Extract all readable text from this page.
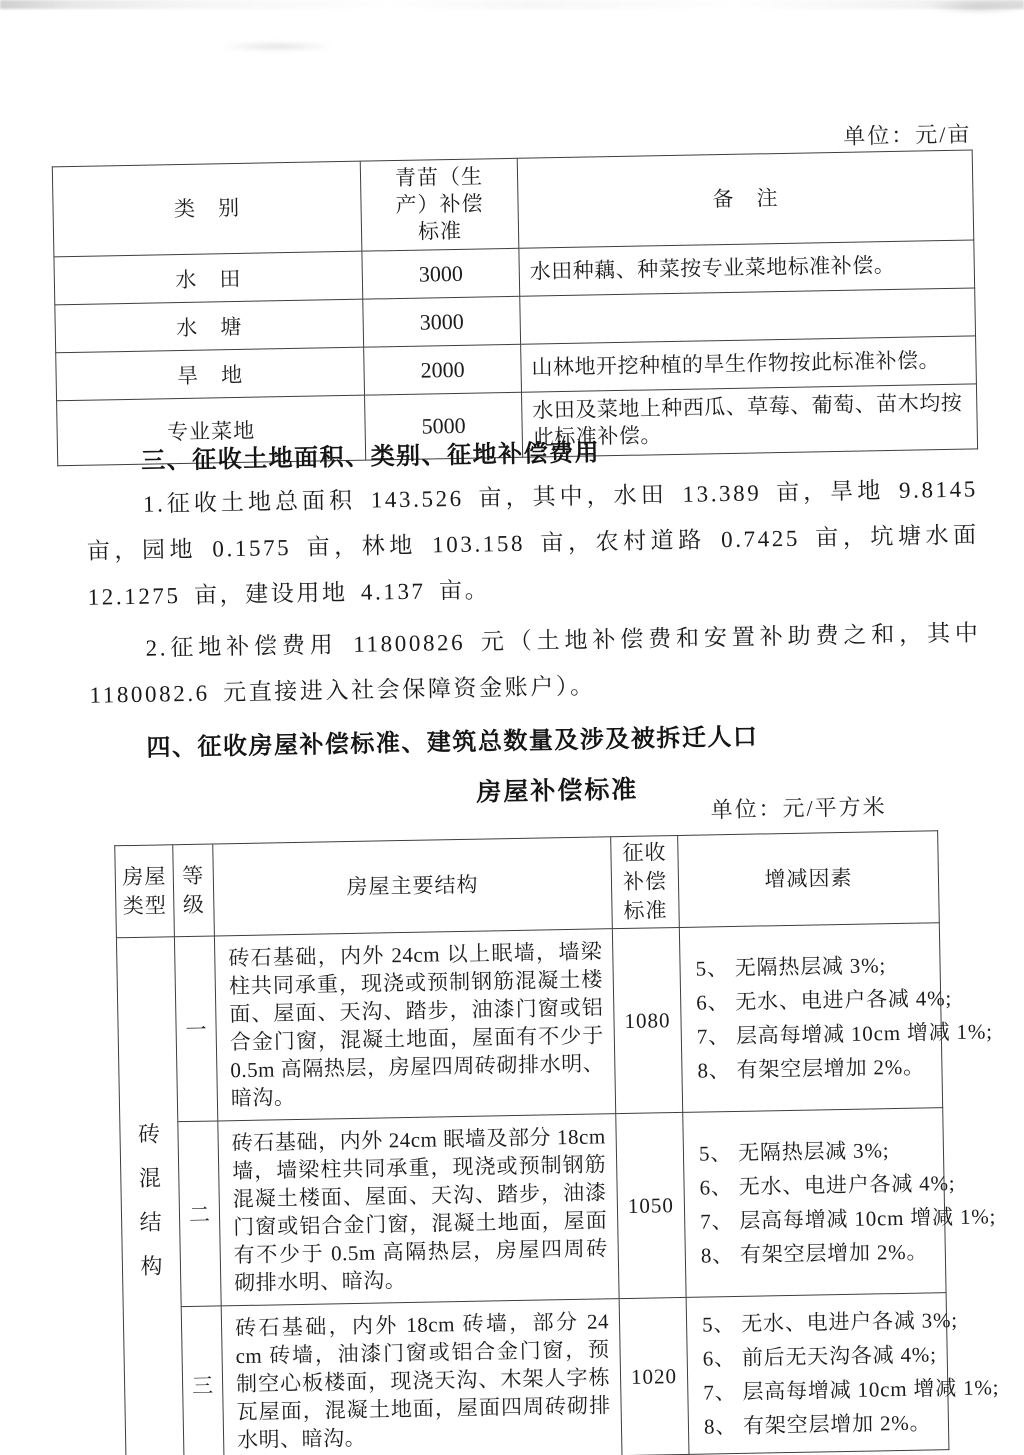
单位：元/亩
类　别	青苗（生产）补偿标准	备　注
水　田	3000	水田种藕、种菜按专业菜地标准补偿。
水　塘	3000	
旱　地	2000	山林地开挖种植的旱生作物按此标准补偿。
专业菜地	5000	水田及菜地上种西瓜、草莓、葡萄、苗木均按此标准补偿。
三、征收土地面积、类别、征地补偿费用

1.征收土地总面积 143.526 亩，其中，水田 13.389 亩，旱地 9.8145 亩，园地 0.1575 亩，林地 103.158 亩，农村道路 0.7425 亩，坑塘水面 12.1275 亩，建设用地 4.137 亩。

2.征地补偿费用 11800826 元（土地补偿费和安置补助费之和，其中 1180082.6 元直接进入社会保障资金账户）。

四、征收房屋补偿标准、建筑总数量及涉及被拆迁人口
房屋补偿标准
单位：元/平方米
房屋类型	等级	房屋主要结构	征收补偿标准	增减因素

砖混结构	一	砖石基础，内外 24cm 以上眠墙，墙梁柱共同承重，现浇或预制钢筋混凝土楼面、屋面、天沟、踏步，油漆门窗或铝合金门窗，混凝土地面，屋面有不少于 0.5m 高隔热层，房屋四周砖砌排水明、暗沟。	1080	5、 无隔热层减 3%;
6、 无水、电进户各减 4%;
7、 层高每增减 10cm 增减 1%;
8、 有架空层增加 2%。

	二	砖石基础，内外 24cm 眠墙及部分 18cm 墙，墙梁柱共同承重，现浇或预制钢筋混凝土楼面、屋面、天沟、踏步，油漆门窗或铝合金门窗，混凝土地面，屋面有不少于 0.5m 高隔热层，房屋四周砖砌排水明、暗沟。	1050	5、 无隔热层减 3%;
6、 无水、电进户各减 4%;
7、 层高每增减 10cm 增减 1%;
8、 有架空层增加 2%。

	三	砖石基础，内外 18cm 砖墙，部分 24 cm 砖墙，油漆门窗或铝合金门窗，预制空心板楼面，现浇天沟、木架人字栋瓦屋面，混凝土地面，屋面四周砖砌排水明、暗沟。	1020	5、 无水、电进户各减 3%;
6、 前后无天沟各减 4%;
7、 层高每增减 10cm 增减 1%;
8、 有架空层增加 2%。
